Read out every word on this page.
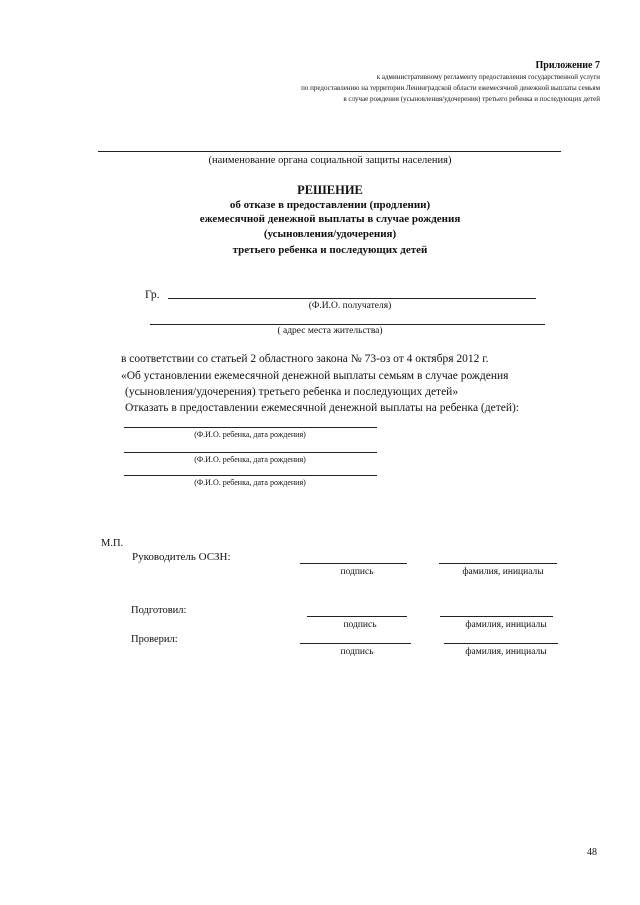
Приложение 7
к административному регламенту предоставления государственной услуги
по предоставлению на территории Ленинградской области ежемесячной денежной выплаты семьям
в случае рождения (усыновления/удочерения) третьего ребенка и последующих детей
(наименование органа социальной защиты населения)
РЕШЕНИЕ
об отказе в предоставлении (продлении)
ежемесячной денежной выплаты в случае рождения
(усыновления/удочерения)
третьего ребенка и последующих детей
Гр.
(Ф.И.О. получателя)
( адрес места жительства)
в соответствии со статьей 2 областного закона № 73-оз от 4 октября 2012 г.
«Об установлении ежемесячной денежной выплаты семьям в случае рождения
(усыновления/удочерения) третьего ребенка и последующих детей»
Отказать в предоставлении ежемесячной денежной выплаты на ребенка (детей):
(Ф.И.О. ребенка, дата рождения)
(Ф.И.О. ребенка, дата рождения)
(Ф.И.О. ребенка, дата рождения)
М.П.
Руководитель ОСЗН:
подпись	фамилия, инициалы
Подготовил:
подпись	фамилия, инициалы
Проверил:
подпись	фамилия, инициалы
48
